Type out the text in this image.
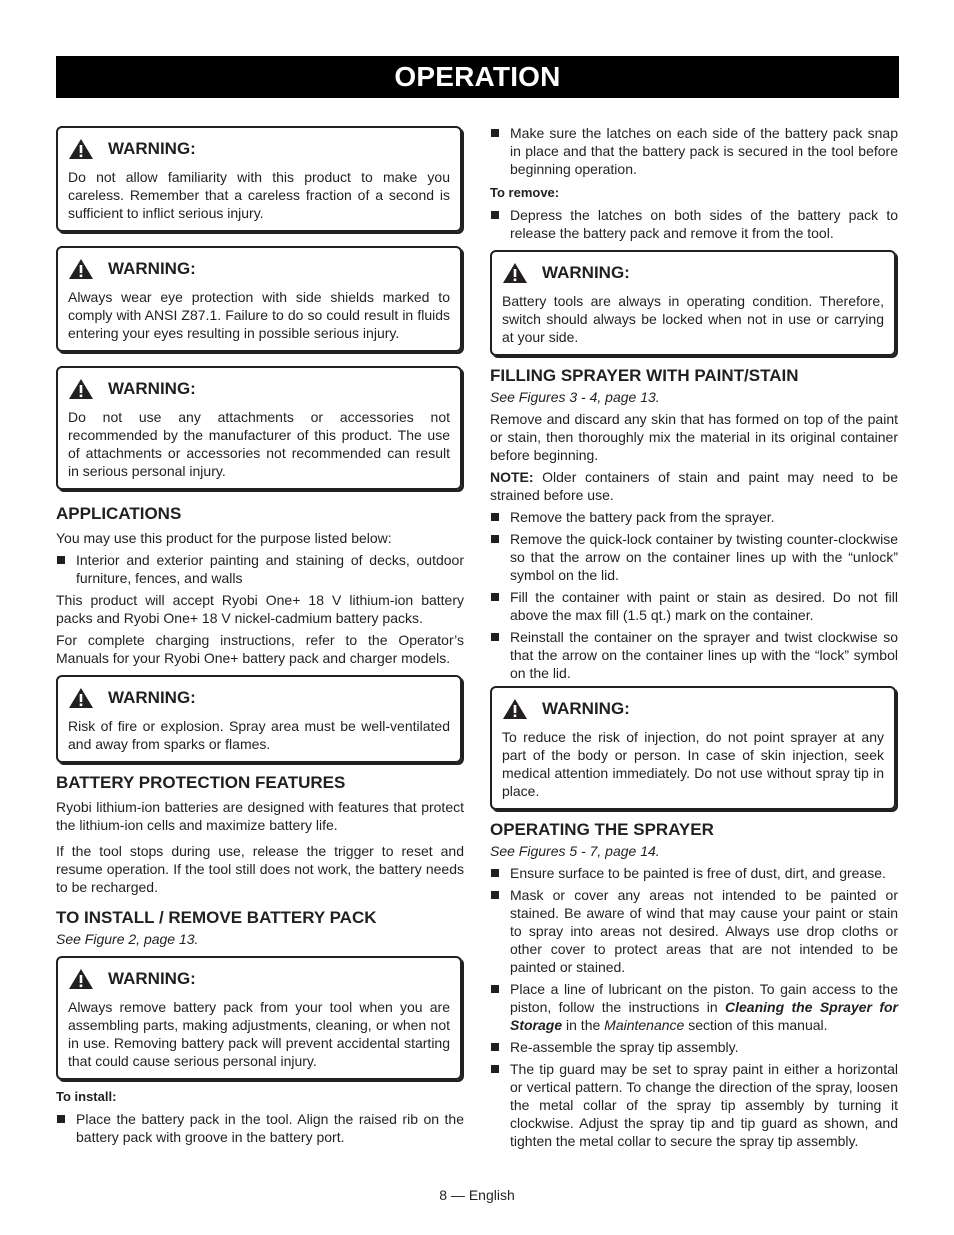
OPERATION
WARNING:
Do not allow familiarity with this product to make you careless. Remember that a careless fraction of a second is sufficient to inflict serious injury.
WARNING:
Always wear eye protection with side shields marked to comply with ANSI Z87.1. Failure to do so could result in fluids entering your eyes resulting in possible serious injury.
WARNING:
Do not use any attachments or accessories not recommended by the manufacturer of this product. The use of attachments or accessories not recommended can result in serious personal injury.
APPLICATIONS

You may use this product for the purpose listed below:

Interior and exterior painting and staining of decks, outdoor furniture, fences, and walls

This product will accept Ryobi One+ 18 V lithium-ion battery packs and Ryobi One+ 18 V nickel-cadmium battery packs.

For complete charging instructions, refer to the Operator’s Manuals for your Ryobi One+ battery pack and charger models.

WARNING:
Risk of fire or explosion. Spray area must be well-ventilated and away from sparks or flames.
BATTERY PROTECTION FEATURES

Ryobi lithium-ion batteries are designed with features that protect the lithium-ion cells and maximize battery life.

If the tool stops during use, release the trigger to reset and resume operation. If the tool still does not work, the battery needs to be recharged.

TO INSTALL / REMOVE BATTERY PACK

See Figure 2, page 13.

WARNING:
Always remove battery pack from your tool when you are assembling parts, making adjustments, cleaning, or when not in use. Removing battery pack will prevent accidental starting that could cause serious personal injury.

To install:

Place the battery pack in the tool. Align the raised rib on the battery pack with groove in the battery port.
Make sure the latches on each side of the battery pack snap in place and that the battery pack is secured in the tool before beginning operation.

To remove:

Depress the latches on both sides of the battery pack to release the battery pack and remove it from the tool.
WARNING:
Battery tools are always in operating condition. Therefore, switch should always be locked when not in use or carrying at your side.
FILLING SPRAYER WITH PAINT/STAIN

See Figures 3 - 4, page 13.

Remove and discard any skin that has formed on top of the paint or stain, then thoroughly mix the material in its original container before beginning.

NOTE: Older containers of stain and paint may need to be strained before use.

Remove the battery pack from the sprayer.
Remove the quick-lock container by twisting counter-clockwise so that the arrow on the container lines up with the “unlock” symbol on the lid.
Fill the container with paint or stain as desired. Do not fill above the max fill (1.5 qt.) mark on the container.
Reinstall the container on the sprayer and twist clockwise so that the arrow on the container lines up with the “lock” symbol on the lid.
WARNING:
To reduce the risk of injection, do not point sprayer at any part of the body or person. In case of skin injection, seek medical attention immediately. Do not use without spray tip in place.
OPERATING THE SPRAYER

See Figures 5 - 7, page 14.

Ensure surface to be painted is free of dust, dirt, and grease.
Mask or cover any areas not intended to be painted or stained. Be aware of wind that may cause your paint or stain to spray into areas not desired. Always use drop cloths or other cover to protect areas that are not intended to be painted or stained.
Place a line of lubricant on the piston. To gain access to the piston, follow the instructions in Cleaning the Sprayer for Storage in the Maintenance section of this manual.
Re-assemble the spray tip assembly.
The tip guard may be set to spray paint in either a horizontal or vertical pattern. To change the direction of the spray, loosen the metal collar of the spray tip assembly by turning it clockwise. Adjust the spray tip and tip guard as shown, and tighten the metal collar to secure the spray tip assembly.
8 — English
